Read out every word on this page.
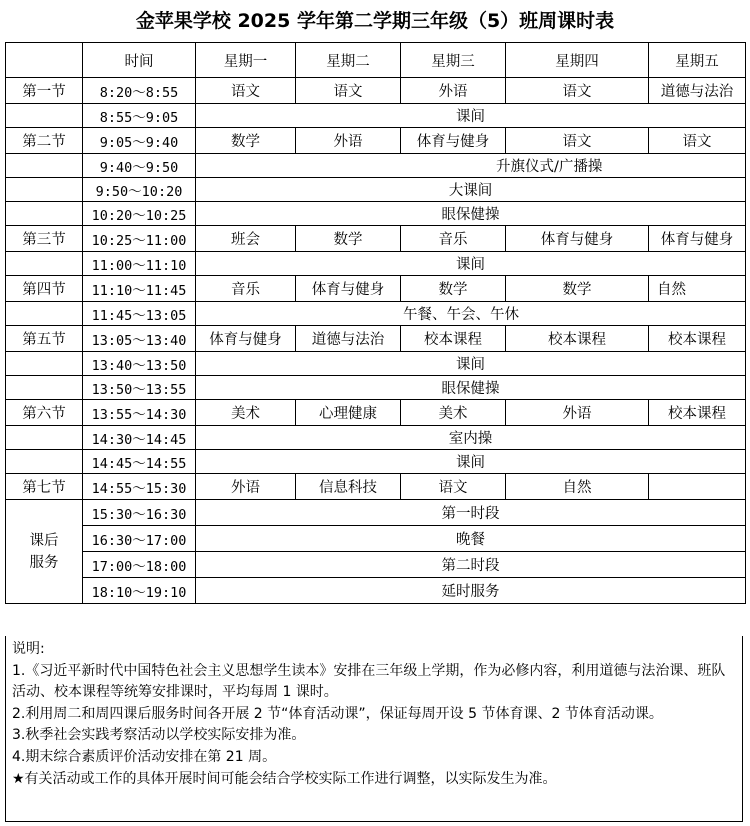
金苹果学校 2025 学年第二学期三年级（5）班周课时表
	时间	星期一	星期二	星期三	星期四	星期五
第一节	8:20～8:55	语文	语文	外语	语文	道德与法治
	8:55～9:05	课间				
第二节	9:05～9:40	数学	外语	体育与健身	语文	语文
	9:40～9:50	升旗仪式/广播操				
	9:50～10:20	大课间				
	10:20～10:25	眼保健操				
第三节	10:25～11:00	班会	数学	音乐	体育与健身	体育与健身
	11:00～11:10	课间				
第四节	11:10～11:45	音乐	体育与健身	数学	数学	自然
	11:45～13:05	午餐、午会、午休				
第五节	13:05～13:40	体育与健身	道德与法治	校本课程	校本课程	校本课程
	13:40～13:50	课间				
	13:50～13:55	眼保健操				
第六节	13:55～14:30	美术	心理健康	美术	外语	校本课程
	14:30～14:45	室内操				
	14:45～14:55	课间				
第七节	14:55～15:30	外语	信息科技	语文	自然	

课后
服务	15:30～16:30	第一时段				
	16:30～17:00	晚餐				
	17:00～18:00	第二时段				
	18:10～19:10	延时服务				

说明:

1.《习近平新时代中国特色社会主义思想学生读本》安排在三年级上学期，作为必修内容，利用道德与法治课、班队活动、校本课程等统筹安排课时，平均每周 1 课时。

2.利用周二和周四课后服务时间各开展 2 节“体育活动课”，保证每周开设 5 节体育课、2 节体育活动课。

3.秋季社会实践考察活动以学校实际安排为准。

4.期末综合素质评价活动安排在第 21 周。

★有关活动或工作的具体开展时间可能会结合学校实际工作进行调整，以实际发生为准。
